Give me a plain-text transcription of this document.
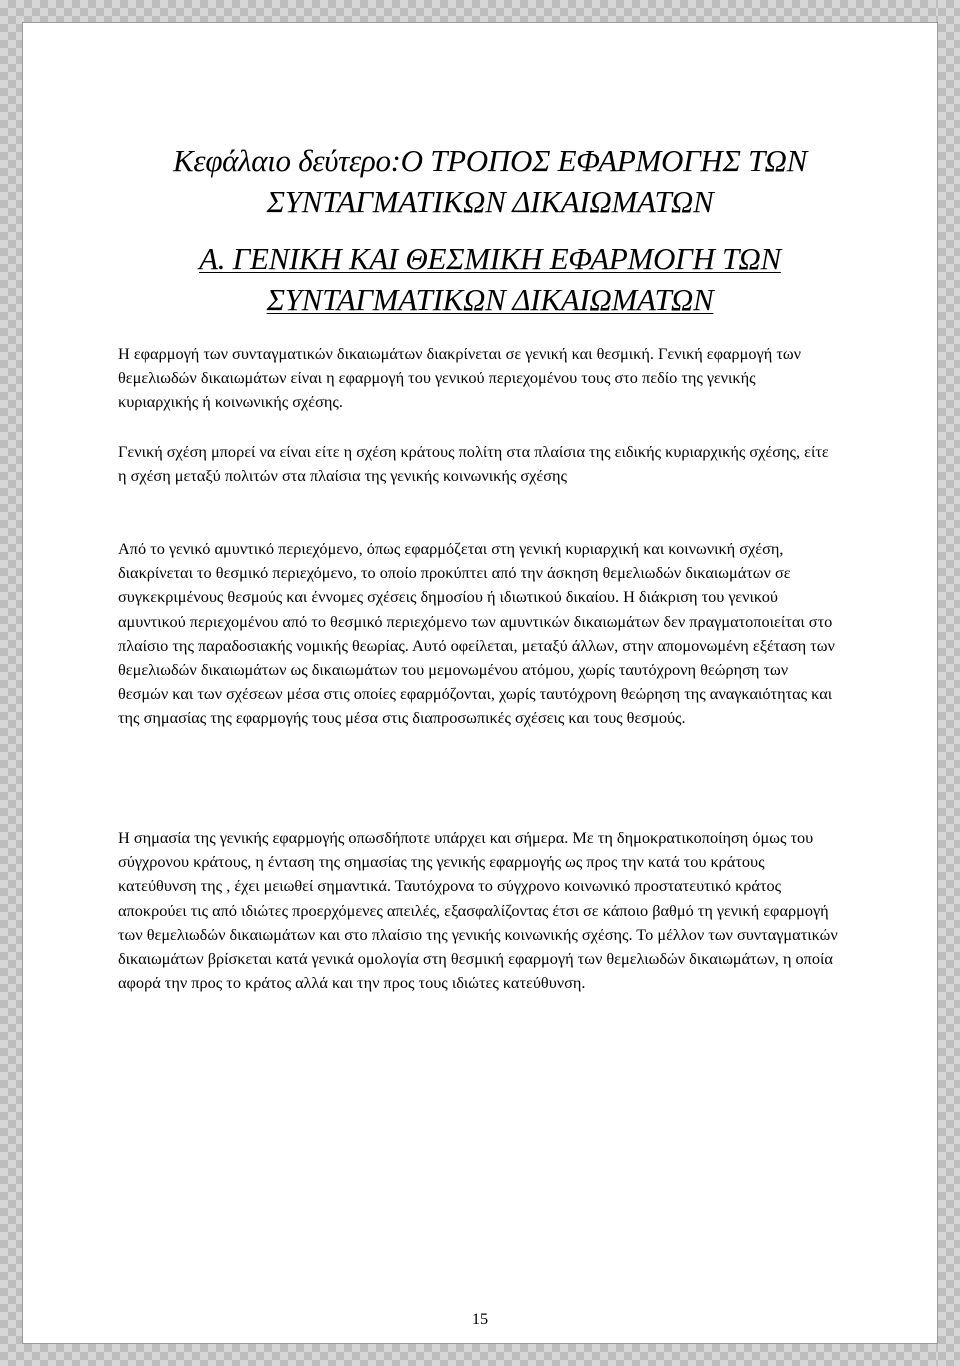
Κεφάλαιο δεύτερο:Ο ΤΡΟΠΟΣ ΕΦΑΡΜΟΓΗΣ ΤΩΝ ΣΥΝΤΑΓΜΑΤΙΚΩΝ ΔΙΚΑΙΩΜΑΤΩΝ
Α. ΓΕΝΙΚΗ ΚΑΙ ΘΕΣΜΙΚΗ ΕΦΑΡΜΟΓΗ ΤΩΝ ΣΥΝΤΑΓΜΑΤΙΚΩΝ ΔΙΚΑΙΩΜΑΤΩΝ

Η εφαρμογή των συνταγματικών δικαιωμάτων διακρίνεται σε γενική και θεσμική. Γενική εφαρμογή των θεμελιωδών δικαιωμάτων είναι η εφαρμογή του γενικού περιεχομένου τους στο πεδίο της γενικής κυριαρχικής ή κοινωνικής σχέσης.

Γενική σχέση μπορεί να είναι είτε η σχέση κράτους πολίτη στα πλαίσια της ειδικής κυριαρχικής σχέσης, είτε η σχέση μεταξύ πολιτών στα πλαίσια της γενικής κοινωνικής σχέσης

Από το γενικό αμυντικό περιεχόμενο, όπως εφαρμόζεται στη γενική κυριαρχική και κοινωνική σχέση, διακρίνεται το θεσμικό περιεχόμενο, το οποίο προκύπτει από την άσκηση θεμελιωδών δικαιωμάτων σε συγκεκριμένους θεσμούς και έννομες σχέσεις δημοσίου ή ιδιωτικού δικαίου. Η διάκριση του γενικού αμυντικού περιεχομένου από το θεσμικό περιεχόμενο των αμυντικών δικαιωμάτων δεν πραγματοποιείται στο πλαίσιο της παραδοσιακής νομικής θεωρίας. Αυτό οφείλεται, μεταξύ άλλων, στην απομονωμένη εξέταση των θεμελιωδών δικαιωμάτων ως δικαιωμάτων του μεμονωμένου ατόμου, χωρίς ταυτόχρονη θεώρηση των θεσμών και των σχέσεων μέσα στις οποίες εφαρμόζονται, χωρίς ταυτόχρονη θεώρηση της αναγκαιότητας και της σημασίας της εφαρμογής τους μέσα στις διαπροσωπικές σχέσεις και τους θεσμούς.

Η σημασία της γενικής εφαρμογής οπωσδήποτε υπάρχει και σήμερα. Με τη δημοκρατικοποίηση όμως του σύγχρονου κράτους, η ένταση της σημασίας της γενικής εφαρμογής ως προς την κατά του κράτους κατεύθυνση της , έχει μειωθεί σημαντικά. Ταυτόχρονα το σύγχρονο κοινωνικό προστατευτικό κράτος αποκρούει τις από ιδιώτες προερχόμενες απειλές, εξασφαλίζοντας έτσι σε κάποιο βαθμό τη γενική εφαρμογή των θεμελιωδών δικαιωμάτων και στο πλαίσιο της γενικής κοινωνικής σχέσης. Το μέλλον των συνταγματικών δικαιωμάτων βρίσκεται κατά γενικά ομολογία στη θεσμική εφαρμογή των θεμελιωδών δικαιωμάτων, η οποία αφορά την προς το κράτος αλλά και την προς τους ιδιώτες κατεύθυνση.

15
